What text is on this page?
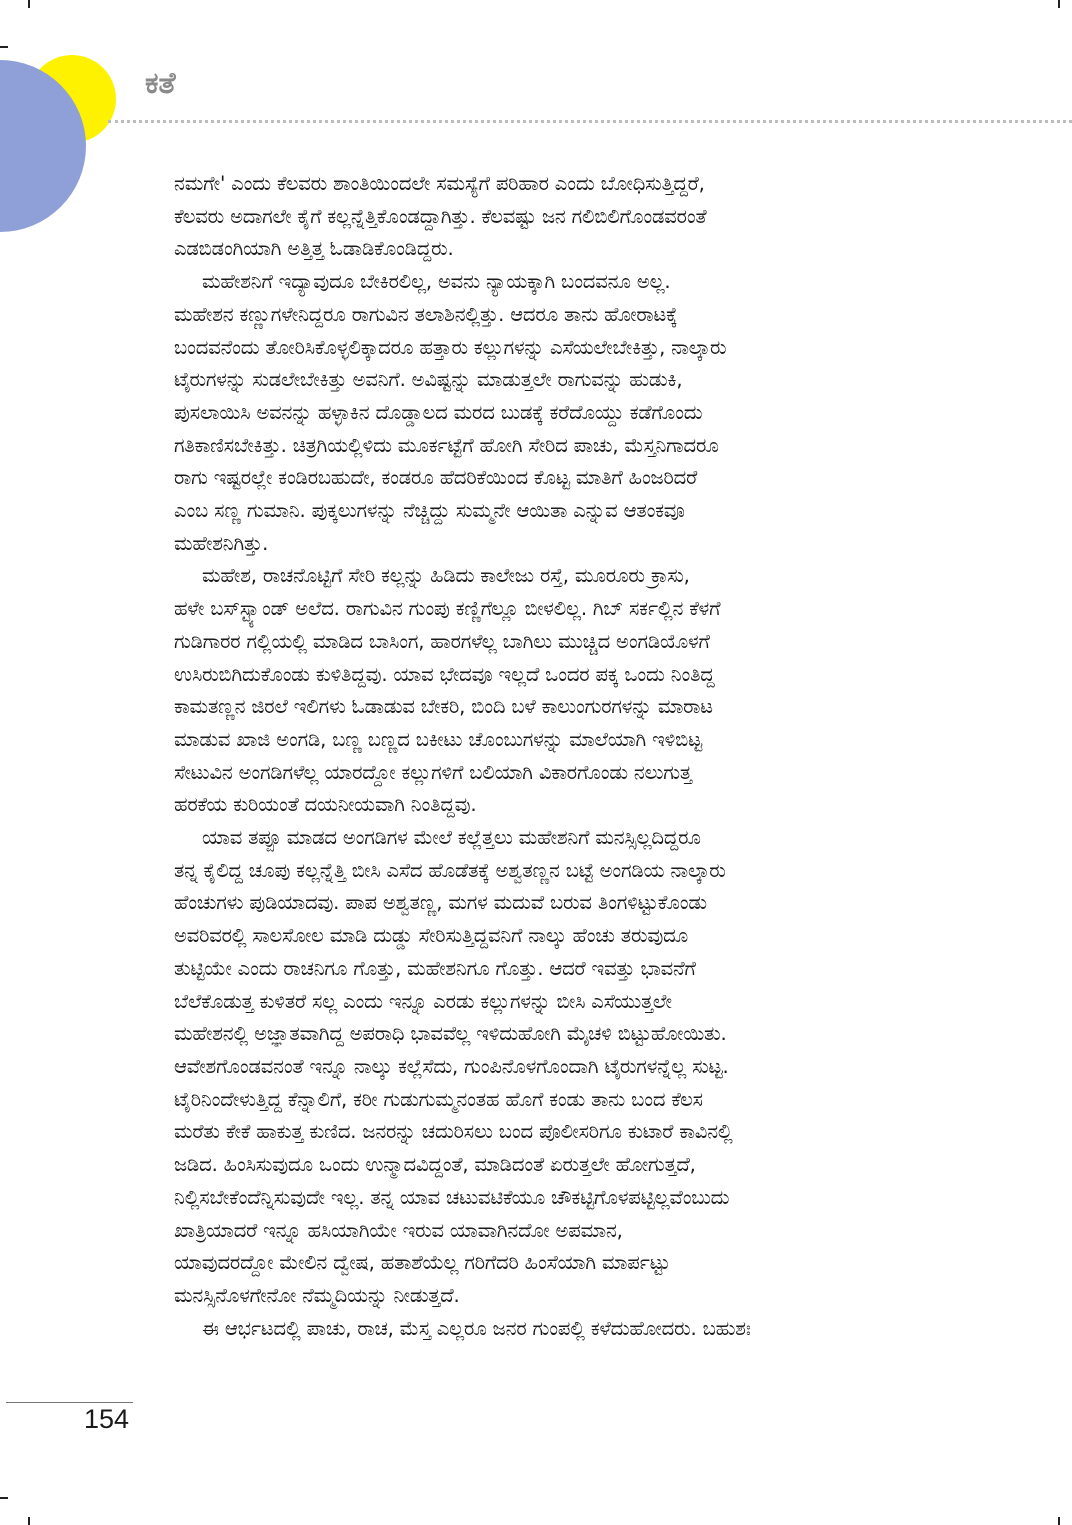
ಕತೆ

ನಮಗೇ' ಎಂದು ಕೆಲವರು ಶಾಂತಿಯಿಂದಲೇ ಸಮಸ್ಯೆಗೆ ಪರಿಹಾರ ಎಂದು ಬೋಧಿಸುತ್ತಿದ್ದರೆ,

ಕೆಲವರು ಅದಾಗಲೇ ಕೈಗೆ ಕಲ್ಲನ್ನೆತ್ತಿಕೊಂಡದ್ದಾಗಿತ್ತು. ಕೆಲವಷ್ಟು ಜನ ಗಲಿಬಿಲಿಗೊಂಡವರಂತೆ

ಎಡಬಿಡಂಗಿಯಾಗಿ ಅತ್ತಿತ್ತ ಓಡಾಡಿಕೊಂಡಿದ್ದರು.

ಮಹೇಶನಿಗೆ ಇದ್ಯಾವುದೂ ಬೇಕಿರಲಿಲ್ಲ, ಅವನು ನ್ಯಾಯಕ್ಕಾಗಿ ಬಂದವನೂ ಅಲ್ಲ.

ಮಹೇಶನ ಕಣ್ಣುಗಳೇನಿದ್ದರೂ ರಾಗುವಿನ ತಲಾಶಿನಲ್ಲಿತ್ತು. ಆದರೂ ತಾನು ಹೋರಾಟಕ್ಕೆ

ಬಂದವನೆಂದು ತೋರಿಸಿಕೊಳ್ಳಲಿಕ್ಕಾದರೂ ಹತ್ತಾರು ಕಲ್ಲುಗಳನ್ನು ಎಸೆಯಲೇಬೇಕಿತ್ತು, ನಾಲ್ಕಾರು

ಟೈರುಗಳನ್ನು ಸುಡಲೇಬೇಕಿತ್ತು ಅವನಿಗೆ. ಅವಿಷ್ಟನ್ನು ಮಾಡುತ್ತಲೇ ರಾಗುವನ್ನು ಹುಡುಕಿ,

ಪುಸಲಾಯಿಸಿ ಅವನನ್ನು ಹಳ್ಳಾಕಿನ ದೊಡ್ಡಾಲದ ಮರದ ಬುಡಕ್ಕೆ ಕರೆದೊಯ್ದು ಕಡೆಗೊಂದು

ಗತಿಕಾಣಿಸಬೇಕಿತ್ತು. ಚಿತ್ರಗಿಯಲ್ಲಿಳಿದು ಮೂರ್ಕಟ್ಟೆಗೆ ಹೋಗಿ ಸೇರಿದ ಪಾಚು, ಮೆಸ್ತನಿಗಾದರೂ

ರಾಗು ಇಷ್ಟರಲ್ಲೇ ಕಂಡಿರಬಹುದೇ, ಕಂಡರೂ ಹೆದರಿಕೆಯಿಂದ ಕೊಟ್ಟ ಮಾತಿಗೆ ಹಿಂಜರಿದರೆ

ಎಂಬ ಸಣ್ಣ ಗುಮಾನಿ. ಪುಕ್ಕಲುಗಳನ್ನು ನೆಚ್ಚಿದ್ದು ಸುಮ್ಮನೇ ಆಯಿತಾ ಎನ್ನುವ ಆತಂಕವೂ

ಮಹೇಶನಿಗಿತ್ತು.

ಮಹೇಶ, ರಾಚನೊಟ್ಟಿಗೆ ಸೇರಿ ಕಲ್ಲನ್ನು ಹಿಡಿದು ಕಾಲೇಜು ರಸ್ತೆ, ಮೂರೂರು ಕ್ರಾಸು,

ಹಳೇ ಬಸ್‌ಸ್ಟ್ಯಾಂಡ್ ಅಲೆದ. ರಾಗುವಿನ ಗುಂಪು ಕಣ್ಣಿಗೆಲ್ಲೂ ಬೀಳಲಿಲ್ಲ. ಗಿಬ್ ಸರ್ಕಲ್ಲಿನ ಕೆಳಗೆ

ಗುಡಿಗಾರರ ಗಲ್ಲಿಯಲ್ಲಿ ಮಾಡಿದ ಬಾಸಿಂಗ, ಹಾರಗಳೆಲ್ಲ ಬಾಗಿಲು ಮುಚ್ಚಿದ ಅಂಗಡಿಯೊಳಗೆ

ಉಸಿರುಬಿಗಿದುಕೊಂಡು ಕುಳಿತಿದ್ದವು. ಯಾವ ಭೇದವೂ ಇಲ್ಲದೆ ಒಂದರ ಪಕ್ಕ ಒಂದು ನಿಂತಿದ್ದ

ಕಾಮತಣ್ಣನ ಜಿರಲೆ ಇಲಿಗಳು ಓಡಾಡುವ ಬೇಕರಿ, ಬಿಂದಿ ಬಳೆ ಕಾಲುಂಗುರಗಳನ್ನು ಮಾರಾಟ

ಮಾಡುವ ಖಾಜಿ ಅಂಗಡಿ, ಬಣ್ಣ ಬಣ್ಣದ ಬಕೀಟು ಚೊಂಬುಗಳನ್ನು ಮಾಲೆಯಾಗಿ ಇಳಿಬಿಟ್ಟ

ಸೇಟುವಿನ ಅಂಗಡಿಗಳೆಲ್ಲ ಯಾರದ್ದೋ ಕಲ್ಲುಗಳಿಗೆ ಬಲಿಯಾಗಿ ವಿಕಾರಗೊಂಡು ನಲುಗುತ್ತ

ಹರಕೆಯ ಕುರಿಯಂತೆ ದಯನೀಯವಾಗಿ ನಿಂತಿದ್ದವು.

ಯಾವ ತಪ್ಪೂ ಮಾಡದ ಅಂಗಡಿಗಳ ಮೇಲೆ ಕಲ್ಲೆತ್ತಲು ಮಹೇಶನಿಗೆ ಮನಸ್ಸಿಲ್ಲದಿದ್ದರೂ

ತನ್ನ ಕೈಲಿದ್ದ ಚೂಪು ಕಲ್ಲನ್ನೆತ್ತಿ ಬೀಸಿ ಎಸೆದ ಹೊಡೆತಕ್ಕೆ ಅಶ್ವತಣ್ಣನ ಬಟ್ಟೆ ಅಂಗಡಿಯ ನಾಲ್ಕಾರು

ಹೆಂಚುಗಳು ಪುಡಿಯಾದವು. ಪಾಪ ಅಶ್ವತಣ್ಣ, ಮಗಳ ಮದುವೆ ಬರುವ ತಿಂಗಳಿಟ್ಟುಕೊಂಡು

ಅವರಿವರಲ್ಲಿ ಸಾಲಸೋಲ ಮಾಡಿ ದುಡ್ಡು ಸೇರಿಸುತ್ತಿದ್ದವನಿಗೆ ನಾಲ್ಕು ಹೆಂಚು ತರುವುದೂ

ತುಟ್ಟಿಯೇ ಎಂದು ರಾಚನಿಗೂ ಗೊತ್ತು, ಮಹೇಶನಿಗೂ ಗೊತ್ತು. ಆದರೆ ಇವತ್ತು ಭಾವನೆಗೆ

ಬೆಲೆಕೊಡುತ್ತ ಕುಳಿತರೆ ಸಲ್ಲ ಎಂದು ಇನ್ನೂ ಎರಡು ಕಲ್ಲುಗಳನ್ನು ಬೀಸಿ ಎಸೆಯುತ್ತಲೇ

ಮಹೇಶನಲ್ಲಿ ಅಜ್ಞಾತವಾಗಿದ್ದ ಅಪರಾಧಿ ಭಾವವೆಲ್ಲ ಇಳಿದುಹೋಗಿ ಮೈಚಳಿ ಬಿಟ್ಟುಹೋಯಿತು.

ಆವೇಶಗೊಂಡವನಂತೆ ಇನ್ನೂ ನಾಲ್ಕು ಕಲ್ಲೆಸೆದು, ಗುಂಪಿನೊಳಗೊಂದಾಗಿ ಟೈರುಗಳನ್ನೆಲ್ಲ ಸುಟ್ಟ.

ಟೈರಿನಿಂದೇಳುತ್ತಿದ್ದ ಕೆನ್ನಾಲಿಗೆ, ಕರೀ ಗುಡುಗುಮ್ಮನಂತಹ ಹೊಗೆ ಕಂಡು ತಾನು ಬಂದ ಕೆಲಸ

ಮರೆತು ಕೇಕೆ ಹಾಕುತ್ತ ಕುಣಿದ. ಜನರನ್ನು ಚದುರಿಸಲು ಬಂದ ಪೊಲೀಸರಿಗೂ ಕುಟಾರೆ ಕಾವಿನಲ್ಲಿ

ಜಡಿದ. ಹಿಂಸಿಸುವುದೂ ಒಂದು ಉನ್ಮಾದವಿದ್ದಂತೆ, ಮಾಡಿದಂತೆ ಏರುತ್ತಲೇ ಹೋಗುತ್ತದೆ,

ನಿಲ್ಲಿಸಬೇಕೆಂದೆನ್ನಿಸುವುದೇ ಇಲ್ಲ. ತನ್ನ ಯಾವ ಚಟುವಟಿಕೆಯೂ ಚೌಕಟ್ಟಿಗೊಳಪಟ್ಟಿಲ್ಲವೆಂಬುದು

ಖಾತ್ರಿಯಾದರೆ ಇನ್ನೂ ಹಸಿಯಾಗಿಯೇ ಇರುವ ಯಾವಾಗಿನದೋ ಅಪಮಾನ,

ಯಾವುದರದ್ದೋ ಮೇಲಿನ ದ್ವೇಷ, ಹತಾಶೆಯೆಲ್ಲ ಗರಿಗೆದರಿ ಹಿಂಸೆಯಾಗಿ ಮಾರ್ಪಟ್ಟು

ಮನಸ್ಸಿನೊಳಗೇನೋ ನೆಮ್ಮದಿಯನ್ನು ನೀಡುತ್ತದೆ.

ಈ ಆರ್ಭಟದಲ್ಲಿ ಪಾಚು, ರಾಚ, ಮೆಸ್ತ ಎಲ್ಲರೂ ಜನರ ಗುಂಪಲ್ಲಿ ಕಳೆದುಹೋದರು. ಬಹುಶಃ

154
